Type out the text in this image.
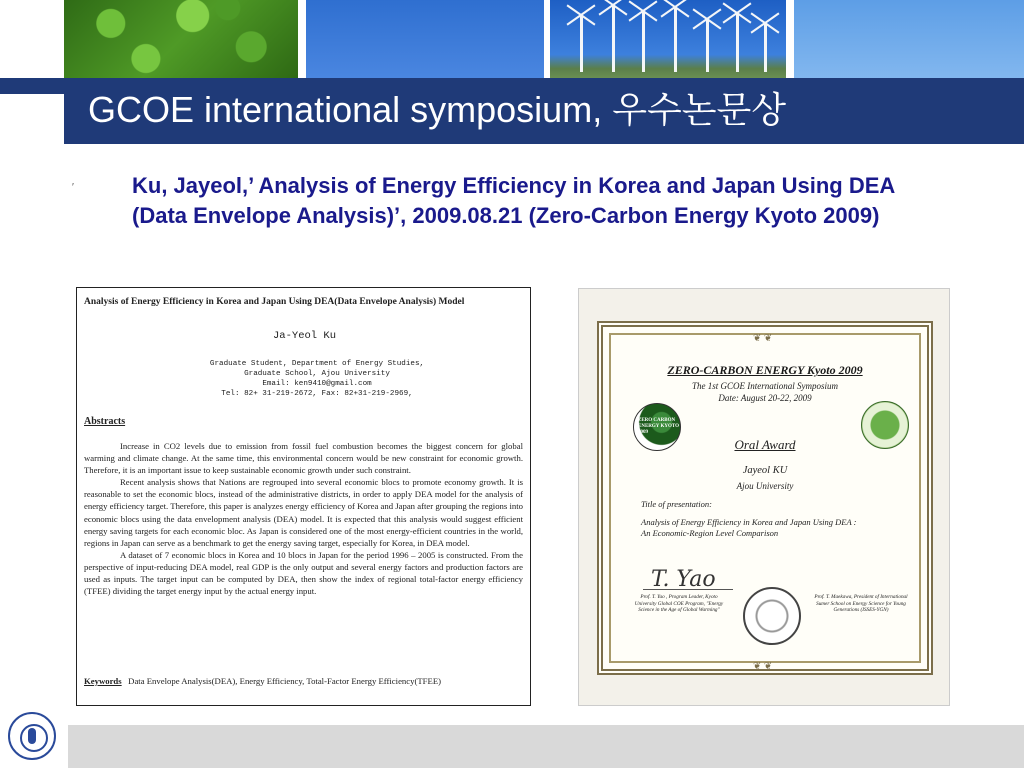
GCOE international symposium, 우수논문상
′	Ku, Jayeol,’ Analysis of Energy Efficiency in Korea and Japan Using DEA (Data Envelope Analysis)’, 2009.08.21 (Zero-Carbon Energy Kyoto 2009)
Analysis of Energy Efficiency in Korea and Japan Using DEA(Data Envelope Analysis) Model
Ja-Yeol Ku
Graduate Student, Department of Energy Studies,
Graduate School, Ajou University
Email: ken9410@gmail.com
Tel: 82+ 31-219-2672, Fax: 82+31-219-2969,
Abstracts

Increase in CO2 levels due to emission from fossil fuel combustion becomes the biggest concern for global warming and climate change. At the same time, this environmental concern would be new constraint for economic growth. Therefore, it is an important issue to keep sustainable economic growth under such constraint.

Recent analysis shows that Nations are regrouped into several economic blocs to promote economy growth. It is reasonable to set the economic blocs, instead of the administrative districts, in order to apply DEA model for the analysis of energy efficiency target. Therefore, this paper is analyzes energy efficiency of Korea and Japan after grouping the regions into economic blocs using the data envelopment analysis (DEA) model. It is expected that this analysis would suggest efficient energy saving targets for each economic bloc. As Japan is considered one of the most energy-efficient countries in the world, regions in Japan can serve as a benchmark to get the energy saving target, especially for Korea, in DEA model.

A dataset of 7 economic blocs in Korea and 10 blocs in Japan for the period 1996 – 2005 is constructed. From the perspective of input-reducing DEA model, real GDP is the only output and several energy factors and production factors are used as inputs. The target input can be computed by DEA, then show the index of regional total-factor energy efficiency (TFEE) dividing the target energy input by the actual energy input.

Keywords Data Envelope Analysis(DEA), Energy Efficiency, Total-Factor Energy Efficiency(TFEE)
❦ ❦
ZERO-CARBON ENERGY Kyoto 2009
The 1st GCOE International Symposium
Date: August 20-22, 2009
ZERO CARBON ENERGY KYOTO 2009
Oral Award
Jayeol KU
Ajou University
Title of presentation:
Analysis of Energy Efficiency in Korea and Japan Using DEA : An Economic-Region Level Comparison
T. Yao
Prof. T. Yao , Program Leader, Kyoto University Global COE Program, "Energy Science in the Age of Global Warming"
Prof. T. Maekawa, President of International Sumer School on Energy Science for Young Generations (ISSES-YGN)
❦ ❦
